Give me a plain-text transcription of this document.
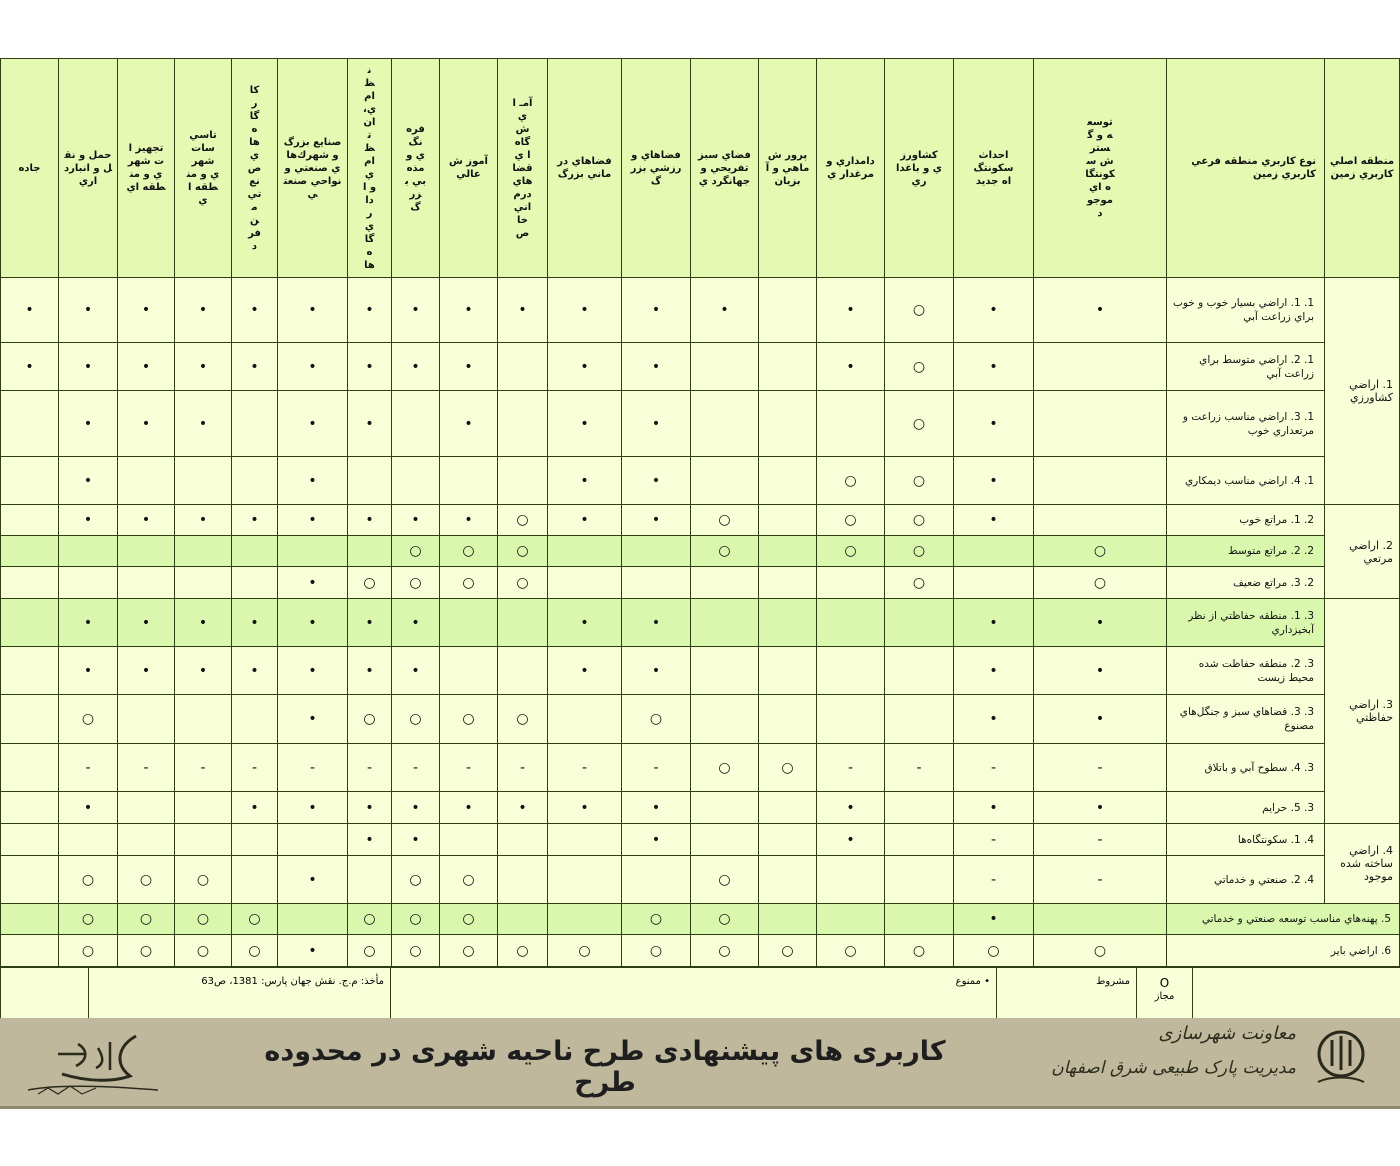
جاده	حمل و نقل و انبارداري	تجهيز ات شهر ي و منطقه اي	تاسي سات شهر ي و منطقه اي	كار گاه ها ي ص نع تي من فرد	صنايع بزرگ و شهرك‌ها ي صنعتي و نواحي صنعتي	نظ ام ي، ان تظ ام ي و ادار ي گاه ها	فره نگ ي و مذه بي بزر گ	آموز ش عالي	آمـ اي ش گاه ا ي قضا هاي درم اني خا ص	فضاهاي درماني بزرگ	فضاهاي ورزشي بزرگ	فضاي سبز تفريحي و جهانگرد ي	پرور ش ماهي و آبزيان	دامداري و مرغدار ي	كشاورز ي و باغداري	احداث سكونتگ اه جديد	توسعه و گسترش سكونتگاه ‌اي موجود	نوع كاربري منطقه فرعي كاربري زمين	منطقه اصلي كاربري زمين
•	•	•	•	•	•	•	•	•	•	•	•	•		•	○	•	•	1. 1. اراضي بسيار خوب و خوب براي زراعت آبي	1. اراضي كشاورزي
•	•	•	•	•	•	•	•	•		•	•			•	○	•		1. 2. اراضي متوسط براي زراعت آبي	
	•	•	•		•	•		•		•	•				○	•		1. 3. اراضي مناسب زراعت و مرتعداري خوب	
	•				•					•	•			○	○	•		1. 4. اراضي مناسب ديمكاري	
	•	•	•	•	•	•	•	•	○	•	•	○		○	○	•		2. 1. مراتع خوب	2. اراضي مرتعي
							○	○	○			○		○	○		○	2. 2. مراتع متوسط	
					•	○	○	○	○						○		○	2. 3. مراتع ضعيف	
	•	•	•	•	•	•	•			•	•					•	•	3. 1. منطقه حفاظتي از نظر آبخيزداري	3. اراضي حفاظتي
	•	•	•	•	•	•	•			•	•					•	•	3. 2. منطقه حفاظت شده محيط زيست	
	○				•	○	○	○	○		○					•	•	3. 3. فضاهاي سبز و جنگل‌هاي مصنوع	
	-	-	-	-	-	-	-	-	-	-	-	○	○	-	-	-	-	3. 4. سطوح آبي و باتلاق	
	•			•	•	•	•	•	•	•	•			•		•	•	3. 5. حرايم	
						•	•				•			•		-	-	4. 1. سكونتگاه‌ها	4. اراضي ساخته شده موجود
	○	○	○		•		○	○				○				-	-	4. 2. صنعتي و خدماتي	
	○	○	○	○		○	○	○			○	○				•		5. پهنه‌هاي مناسب توسعه صنعتي و خدماتي	
	○	○	○	○	•	○	○	○	○	○	○	○	○	○	○	○	○	6. اراضي باير	
	مأخذ: م.ج. نقش جهان پارس: 1381، ص63	• ممنوع	مشروط	O
مجاز

كاربری های پيشنهادی طرح ناحيه شهری در محدوده طرح
معاونت شهرسازی
مديريت پارک طبيعی شرق اصفهان
